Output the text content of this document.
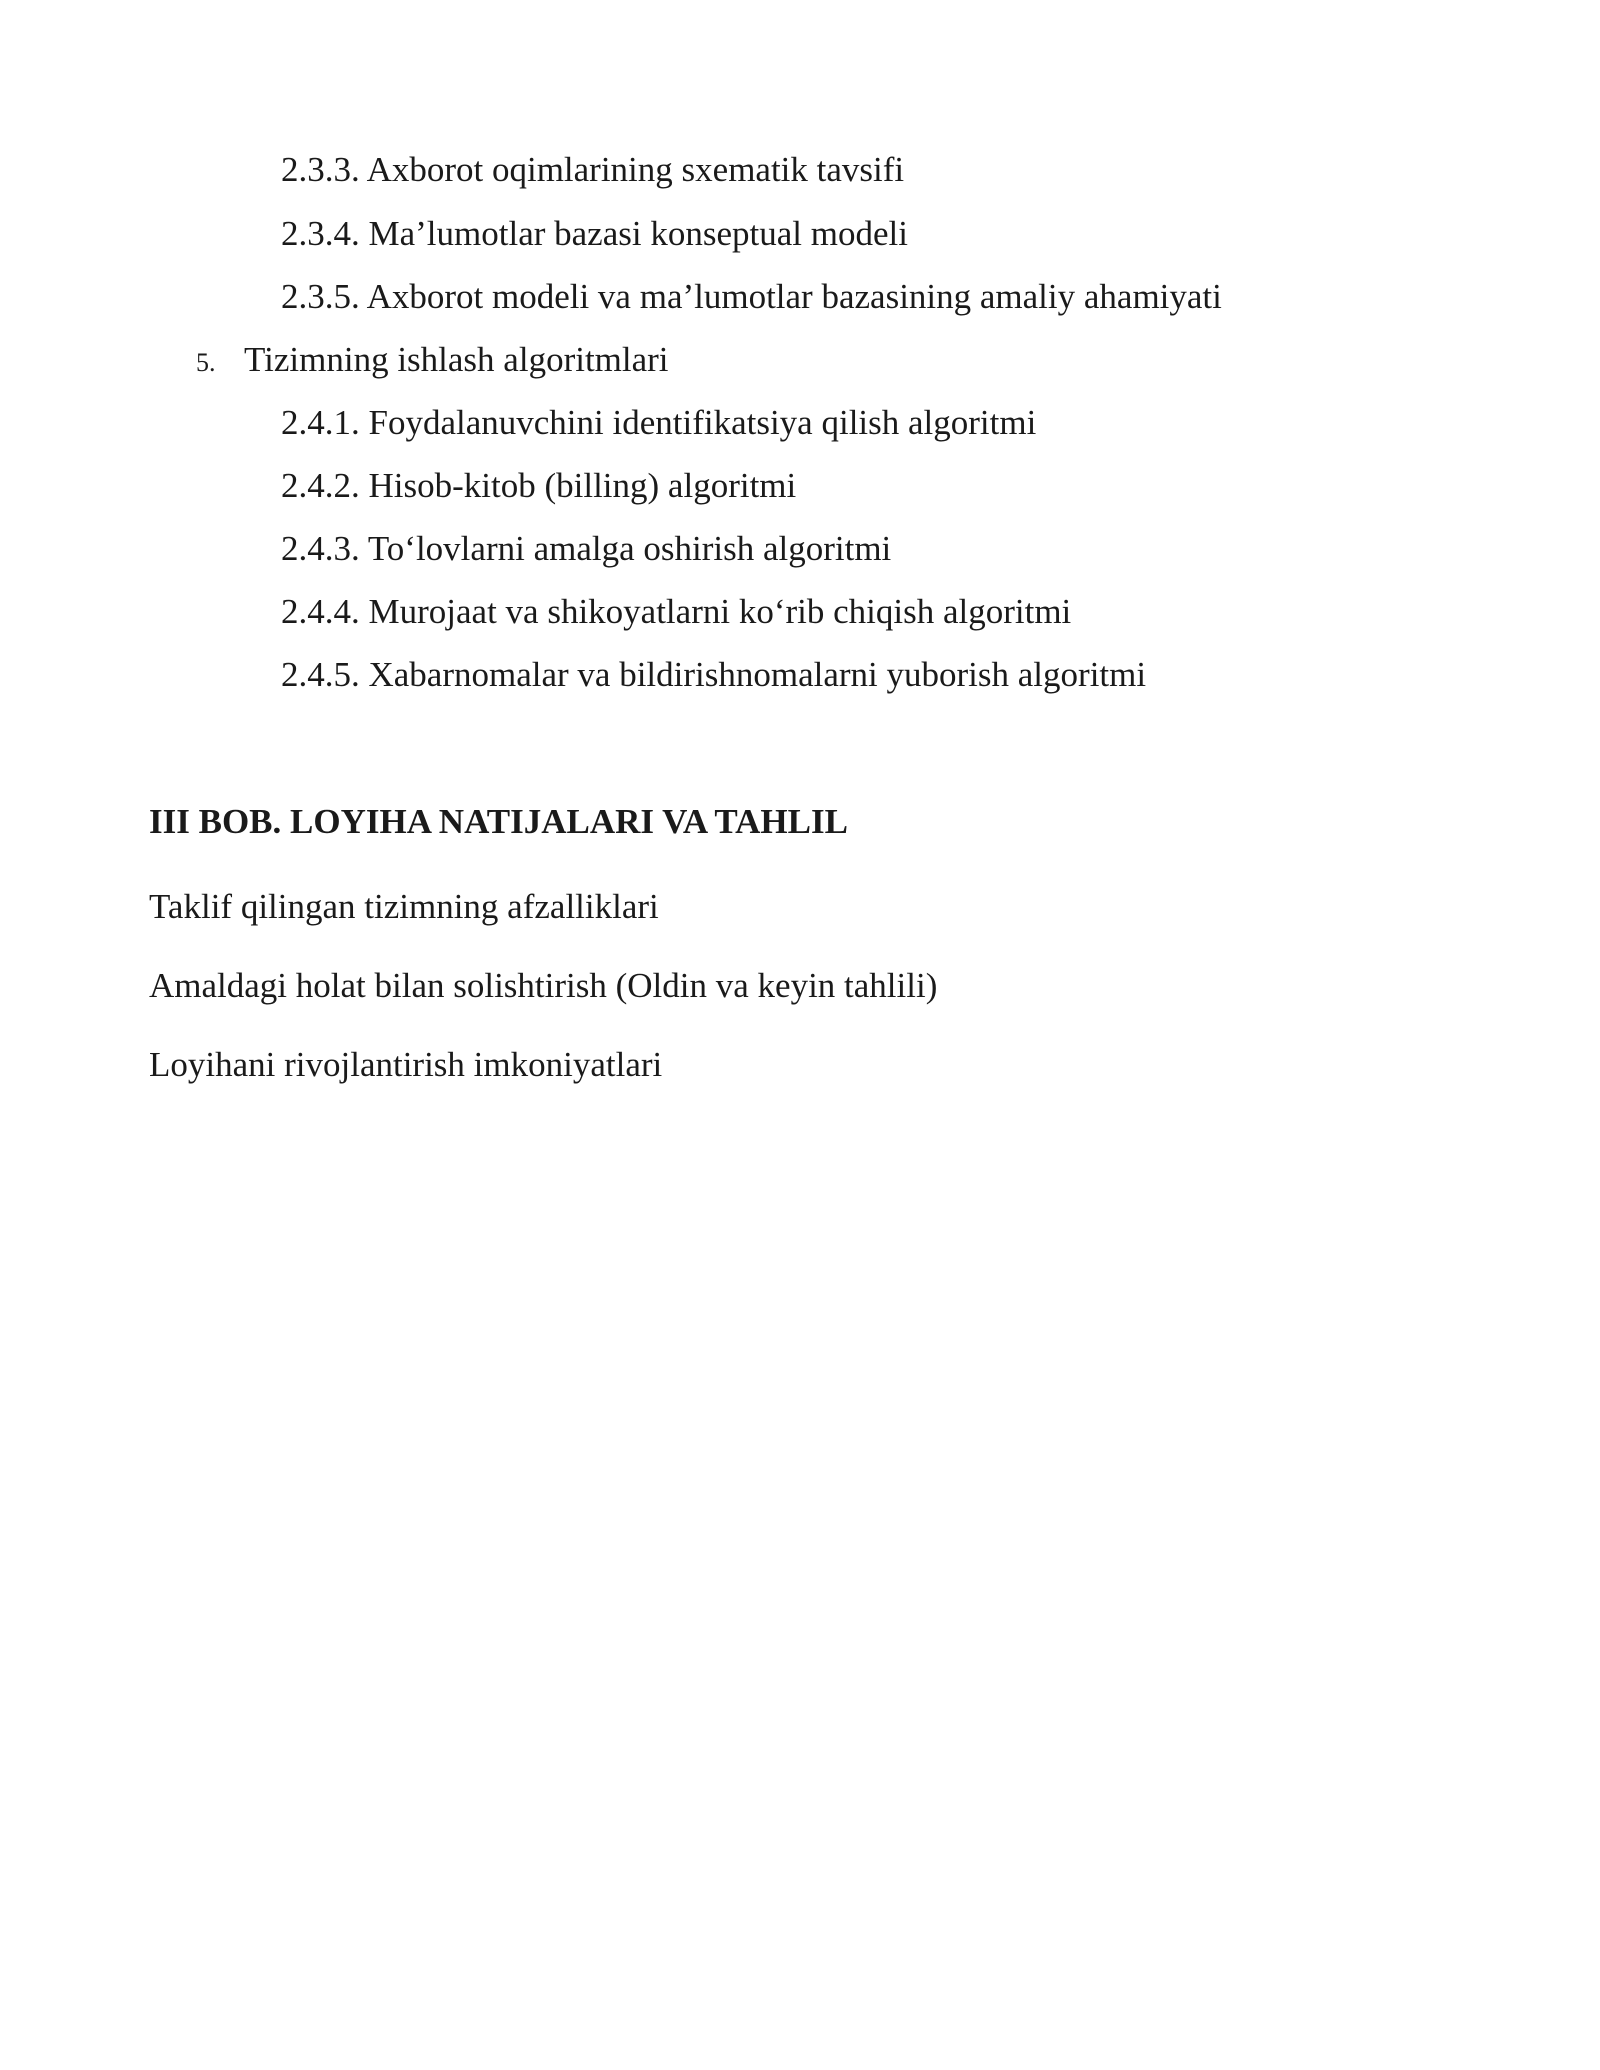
2.3.3. Axborot oqimlarining sxematik tavsifi
2.3.4. Ma’lumotlar bazasi konseptual modeli
2.3.5. Axborot modeli va ma’lumotlar bazasining amaliy ahamiyati
5. Tizimning ishlash algoritmlari
2.4.1. Foydalanuvchini identifikatsiya qilish algoritmi
2.4.2. Hisob-kitob (billing) algoritmi
2.4.3. To‘lovlarni amalga oshirish algoritmi
2.4.4. Murojaat va shikoyatlarni ko‘rib chiqish algoritmi
2.4.5. Xabarnomalar va bildirishnomalarni yuborish algoritmi
III BOB. LOYIHA NATIJALARI VA TAHLIL
Taklif qilingan tizimning afzalliklari
Amaldagi holat bilan solishtirish (Oldin va keyin tahlili)
Loyihani rivojlantirish imkoniyatlari
